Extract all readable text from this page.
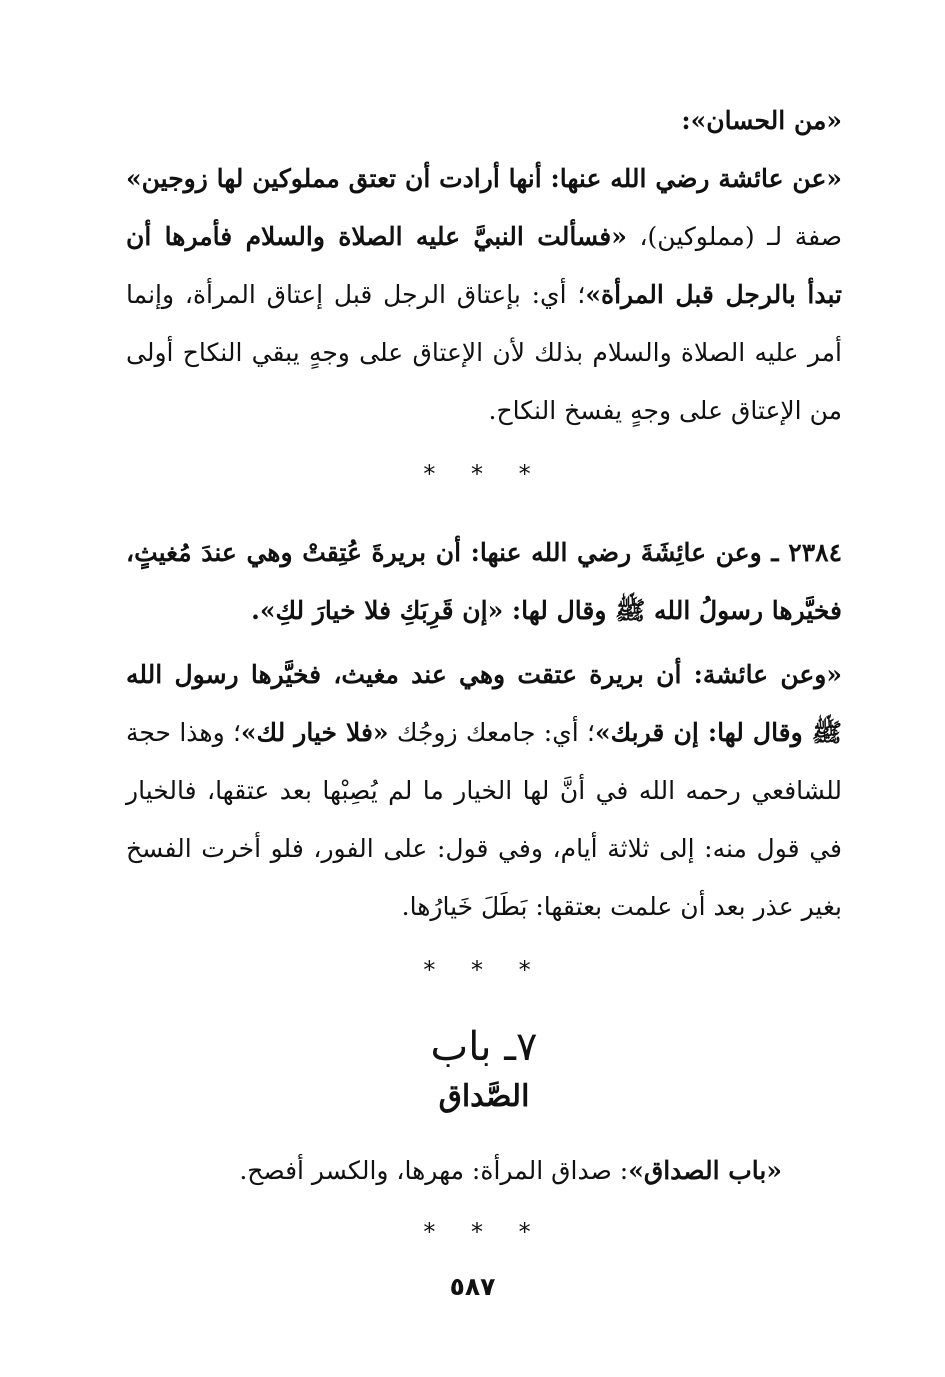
«من الحسان»:

«عن عائشة رضي الله عنها: أنها أرادت أن تعتق مملوكين لها زوجين» صفة لـ (مملوكين)، «فسألت النبيَّ عليه الصلاة والسلام فأمرها أن تبدأ بالرجل قبل المرأة»؛ أي: بإعتاق الرجل قبل إعتاق المرأة، وإنما أمر عليه الصلاة والسلام بذلك لأن الإعتاق على وجهٍ يبقي النكاح أولى من الإعتاق على وجهٍ يفسخ النكاح.

* * *

٢٣٨٤ ـ وعن عائِشَةَ رضي الله عنها: أن بريرةَ عُتِقتْ وهي عندَ مُغيثٍ، فخيَّرها رسولُ الله ﷺ وقال لها: «إن قَرِبَكِ فلا خيارَ لكِ».

«وعن عائشة: أن بريرة عتقت وهي عند مغيث، فخيَّرها رسول الله ﷺ وقال لها: إن قربك»؛ أي: جامعك زوجُك «فلا خيار لك»؛ وهذا حجة للشافعي رحمه الله في أنَّ لها الخيار ما لم يُصِبْها بعد عتقها، فالخيار في قول منه: إلى ثلاثة أيام، وفي قول: على الفور، فلو أخرت الفسخ بغير عذر بعد أن علمت بعتقها: بَطَلَ خَيارُها.

* * *
٧ـ باب
الصَّداق

«باب الصداق»: صداق المرأة: مهرها، والكسر أفصح.

* * *
٥٨٧
